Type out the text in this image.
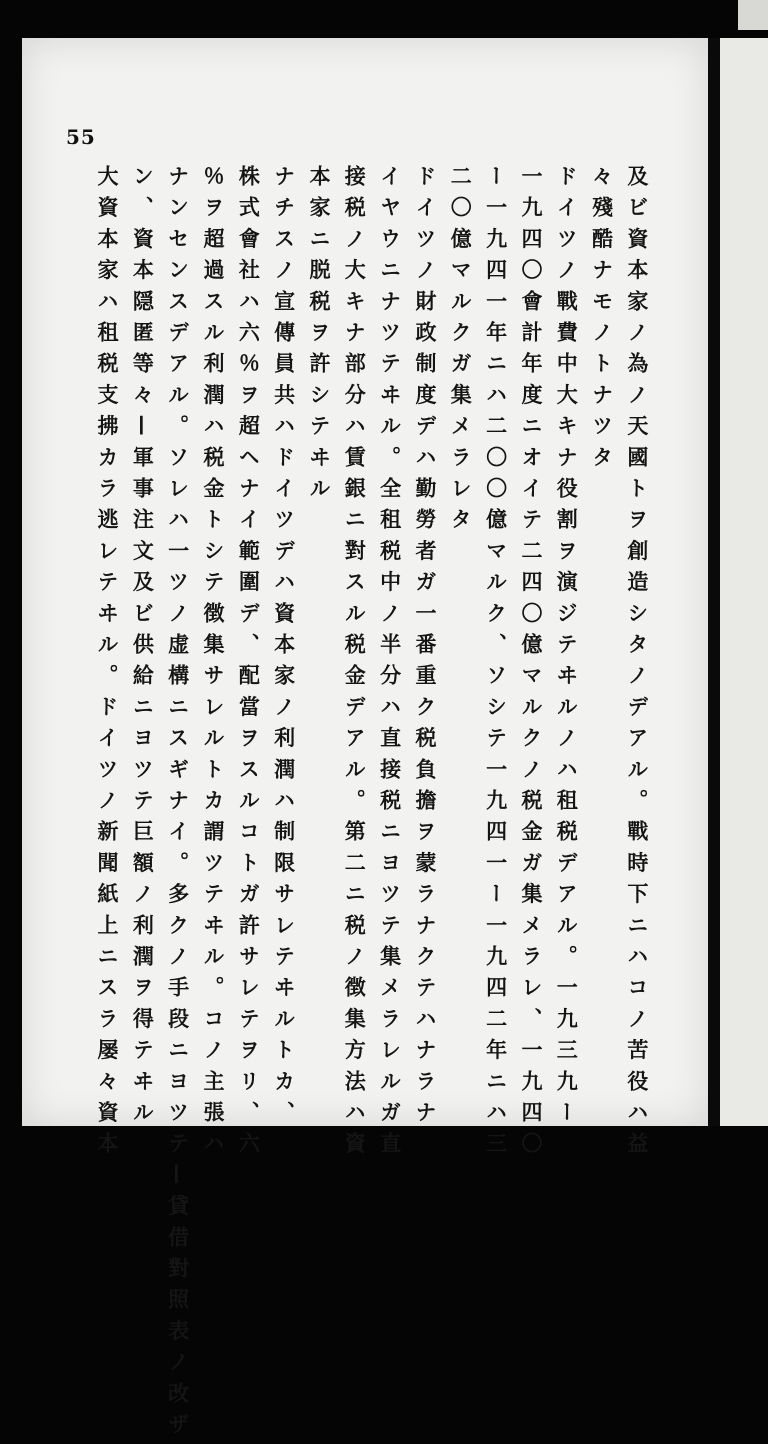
55
及ビ資本家ノ為ノ天國トヲ創造シタノデアル。戰時下ニハコノ苦役ハ益
々殘酷ナモノトナツタ
ドイツノ戰費中大キナ役割ヲ演ジテヰルノハ租税デアル。一九三九ー
一九四〇會計年度ニオイテ二四〇億マルクノ税金ガ集メラレ、一九四〇
ー一九四一年ニハ二〇〇億マルク、ソシテ一九四一ー一九四二年ニハ三
二〇億マルクガ集メラレタ
ドイツノ財政制度デハ勤勞者ガ一番重ク税負擔ヲ蒙ラナクテハナラナ
イヤウニナツテヰル。全租税中ノ半分ハ直接税ニヨツテ集メラレルガ直
接税ノ大キナ部分ハ賃銀ニ對スル税金デアル。第二ニ税ノ徴集方法ハ資
本家ニ脱税ヲ許シテヰル
ナチスノ宣傳員共ハドイツデハ資本家ノ利潤ハ制限サレテヰルトカ、
株式會社ハ六％ヲ超ヘナイ範圍デ、配當ヲスルコトガ許サレテヲリ、六
％ヲ超過スル利潤ハ税金トシテ徴集サレルトカ謂ツテヰル。コノ主張ハ
ナンセンスデアル。ソレハ一ツノ虚構ニスギナイ。多クノ手段ニヨツテ—貸借對照表ノ改ザ
ン、資本隠匿等々—軍事注文及ビ供給ニヨツテ巨額ノ利潤ヲ得テヰル
大資本家ハ租税支拂カラ逃レテヰル。ドイツノ新聞紙上ニスラ屡々資本
